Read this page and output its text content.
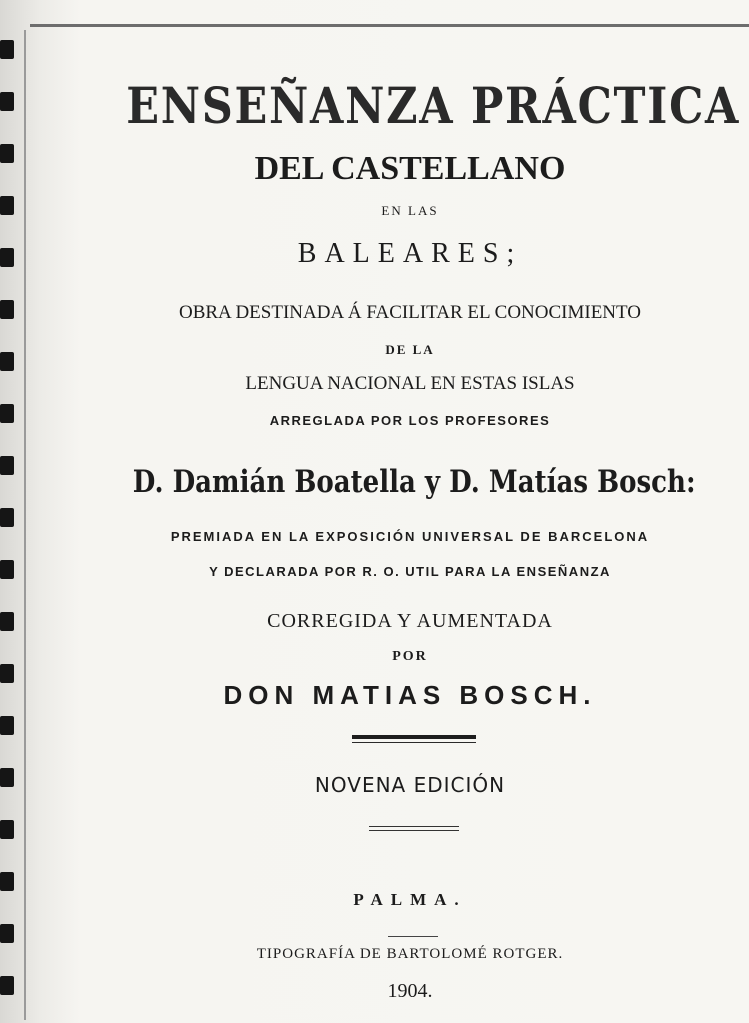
ENSEÑANZA PRÁCTICA
DEL CASTELLANO
EN LAS
BALEARES;
OBRA DESTINADA Á FACILITAR EL CONOCIMIENTO
DE LA
LENGUA NACIONAL EN ESTAS ISLAS
ARREGLADA POR LOS PROFESORES
D. Damián Boatella y D. Matías Bosch:
PREMIADA EN LA EXPOSICIÓN UNIVERSAL DE BARCELONA
Y DECLARADA POR R. O. UTIL PARA LA ENSEÑANZA
CORREGIDA Y AUMENTADA
POR
DON MATIAS BOSCH.
NOVENA EDICIÓN
PALMA.
TIPOGRAFÍA DE BARTOLOMÉ ROTGER.
1904.
